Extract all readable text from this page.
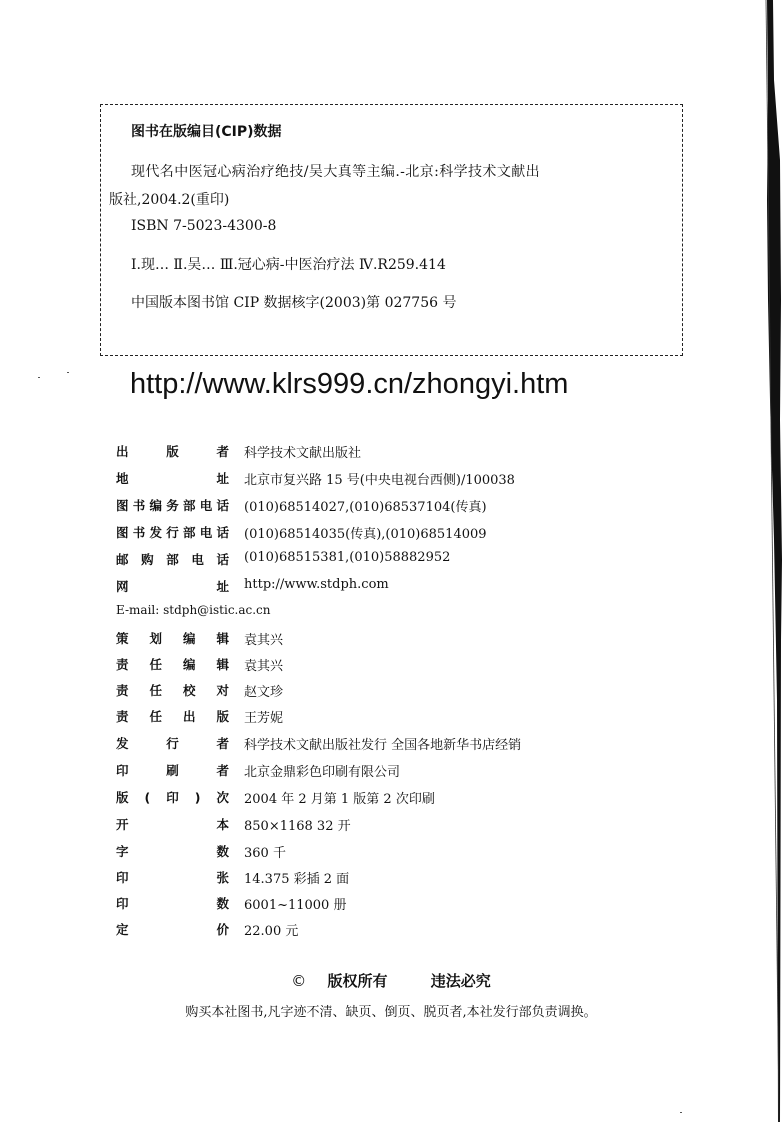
图书在版编目(CIP)数据
现代名中医冠心病治疗绝技/吴大真等主编.-北京:科学技术文献出
版社,2004.2(重印)
ISBN 7-5023-4300-8
Ⅰ.现… Ⅱ.吴… Ⅲ.冠心病-中医治疗法 Ⅳ.R259.414
中国版本图书馆 CIP 数据核字(2003)第 027756 号
http://www.klrs999.cn/zhongyi.htm
出 版 者 科学技术文献出版社
地 址 北京市复兴路 15 号(中央电视台西侧)/100038
图书编务部电话 (010)68514027,(010)68537104(传真)
图书发行部电话 (010)68514035(传真),(010)68514009
邮购部电话 (010)68515381,(010)58882952
网 址 http://www.stdph.com
E-mail: stdph@istic.ac.cn
策划编辑 袁其兴
责任编辑 袁其兴
责任校对 赵文珍
责任出版 王芳妮
发 行 者 科学技术文献出版社发行 全国各地新华书店经销
印 刷 者 北京金鼎彩色印刷有限公司
版(印)次 2004 年 2 月第 1 版第 2 次印刷
开 本 850×1168 32 开
字 数 360 千
印 张 14.375 彩插 2 面
印 数 6001~11000 册
定 价 22.00 元
© 版权所有	违法必究
购买本社图书,凡字迹不清、缺页、倒页、脱页者,本社发行部负责调换。
